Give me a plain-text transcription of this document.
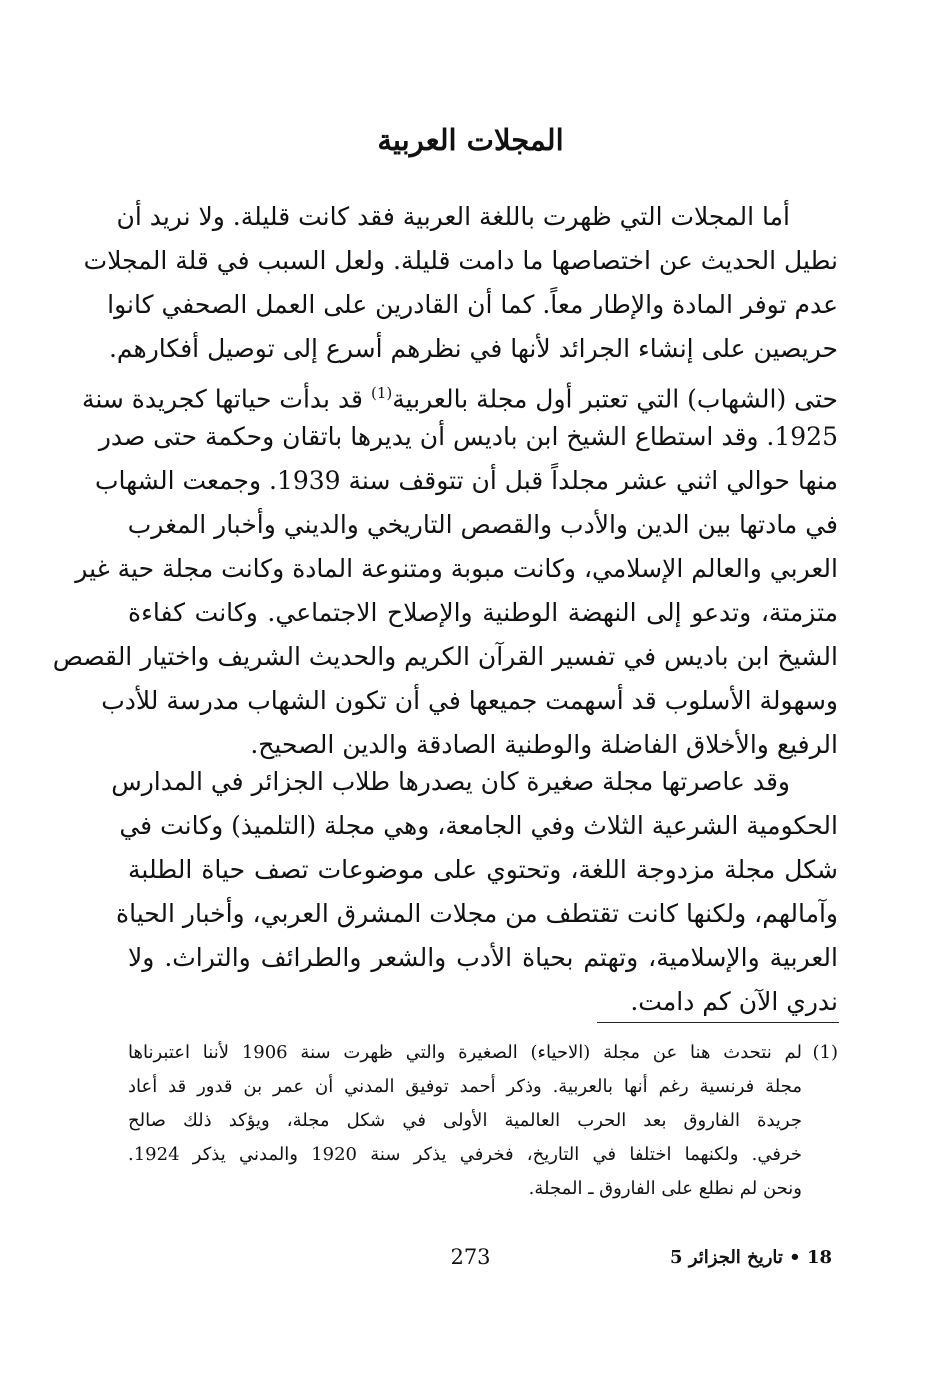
المجلات العربية
أما المجلات التي ظهرت باللغة العربية فقد كانت قليلة. ولا نريد أن
نطيل الحديث عن اختصاصها ما دامت قليلة. ولعل السبب في قلة المجلات
عدم توفر المادة والإطار معاً. كما أن القادرين على العمل الصحفي كانوا
حريصين على إنشاء الجرائد لأنها في نظرهم أسرع إلى توصيل أفكارهم.
حتى (الشهاب) التي تعتبر أول مجلة بالعربية$^{(1)}$ قد بدأت حياتها كجريدة سنة
1925. وقد استطاع الشيخ ابن باديس أن يديرها باتقان وحكمة حتى صدر
منها حوالي اثني عشر مجلداً قبل أن تتوقف سنة 1939. وجمعت الشهاب
في مادتها بين الدين والأدب والقصص التاريخي والديني وأخبار المغرب
العربي والعالم الإسلامي، وكانت مبوبة ومتنوعة المادة وكانت مجلة حية غير
متزمتة، وتدعو إلى النهضة الوطنية والإصلاح الاجتماعي. وكانت كفاءة
الشيخ ابن باديس في تفسير القرآن الكريم والحديث الشريف واختيار القصص
وسهولة الأسلوب قد أسهمت جميعها في أن تكون الشهاب مدرسة للأدب
الرفيع والأخلاق الفاضلة والوطنية الصادقة والدين الصحيح.
وقد عاصرتها مجلة صغيرة كان يصدرها طلاب الجزائر في المدارس
الحكومية الشرعية الثلاث وفي الجامعة، وهي مجلة (التلميذ) وكانت في
شكل مجلة مزدوجة اللغة، وتحتوي على موضوعات تصف حياة الطلبة
وآمالهم، ولكنها كانت تقتطف من مجلات المشرق العربي، وأخبار الحياة
العربية والإسلامية، وتهتم بحياة الأدب والشعر والطرائف والتراث. ولا
ندري الآن كم دامت.
(1)لم نتحدث هنا عن مجلة (الاحياء) الصغيرة والتي ظهرت سنة 1906 لأننا اعتبرناها
مجلة فرنسية رغم أنها بالعربية. وذكر أحمد توفيق المدني أن عمر بن قدور قد أعاد
جريدة الفاروق بعد الحرب العالمية الأولى في شكل مجلة، ويؤكد ذلك صالح
خرفي. ولكنهما اختلفا في التاريخ، فخرفي يذكر سنة 1920 والمدني يذكر 1924.
ونحن لم نطلع على الفاروق ـ المجلة.
273	18 • تاريخ الجزائر 5
